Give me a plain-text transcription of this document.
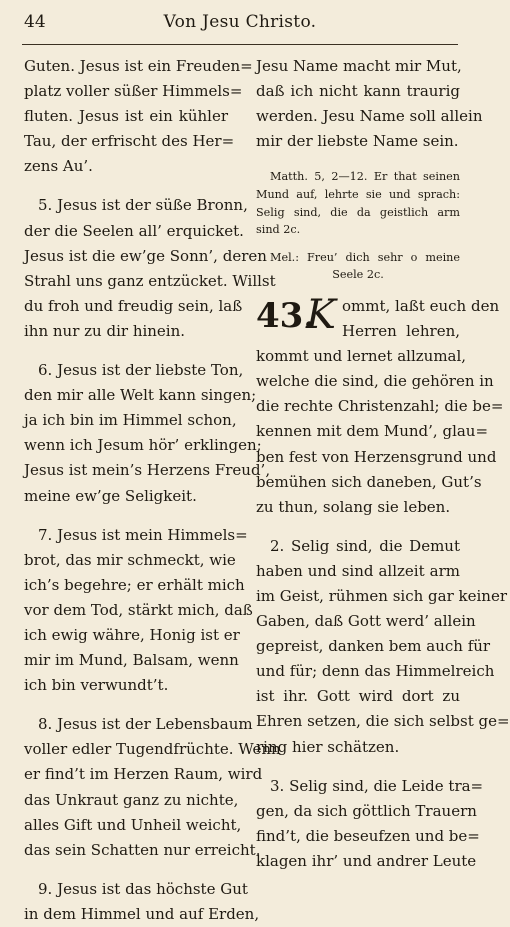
44	Von Jesu Christo.
Guten. Jesus ist ein Freuden=
platz voller süßer Himmels=
fluten. Jesus ist ein kühler
Tau, der erfrischt des Her=
zens Au’.
5. Jesus ist der süße Bronn,
der die Seelen all’ erquicket.
Jesus ist die ew’ge Sonn’, deren
Strahl uns ganz entzücket. Willst
du froh und freudig sein, laß
ihn nur zu dir hinein.
6. Jesus ist der liebste Ton,
den mir alle Welt kann singen;
ja ich bin im Himmel schon,
wenn ich Jesum hör’ erklingen;
Jesus ist mein’s Herzens Freud’,
meine ew’ge Seligkeit.
7. Jesus ist mein Himmels=
brot, das mir schmeckt, wie
ich’s begehre; er erhält mich
vor dem Tod, stärkt mich, daß
ich ewig währe, Honig ist er
mir im Mund, Balsam, wenn
ich bin verwundt’t.
8. Jesus ist der Lebensbaum
voller edler Tugendfrüchte. Wenn
er find’t im Herzen Raum, wird
das Unkraut ganz zu nichte,
alles Gift und Unheil weicht,
das sein Schatten nur erreicht.
9. Jesus ist das höchste Gut
in dem Himmel und auf Erden,
Jesu Name macht mir Mut,
daß ich nicht kann traurig
werden. Jesu Name soll allein
mir der liebste Name sein.
Matth. 5, 2—12. Er that seinen
Mund auf, lehrte sie und sprach:
Selig sind, die da geistlich arm
sind 2c.
Mel.: Freu’ dich sehr o meine
Seele 2c.
43.
K ommt, laßt euch den
Herren lehren,
kommt und lernet allzumal,
welche die sind, die gehören in
die rechte Christenzahl; die be=
kennen mit dem Mund’, glau=
ben fest von Herzensgrund und
bemühen sich daneben, Gut’s
zu thun, solang sie leben.
2. Selig sind, die Demut
haben und sind allzeit arm
im Geist, rühmen sich gar keiner
Gaben, daß Gott werd’ allein
gepreist, danken bem auch für
und für; denn das Himmelreich
ist ihr. Gott wird dort zu
Ehren setzen, die sich selbst ge=
ring hier schätzen.
3. Selig sind, die Leide tra=
gen, da sich göttlich Trauern
find’t, die beseufzen und be=
klagen ihr’ und andrer Leute
